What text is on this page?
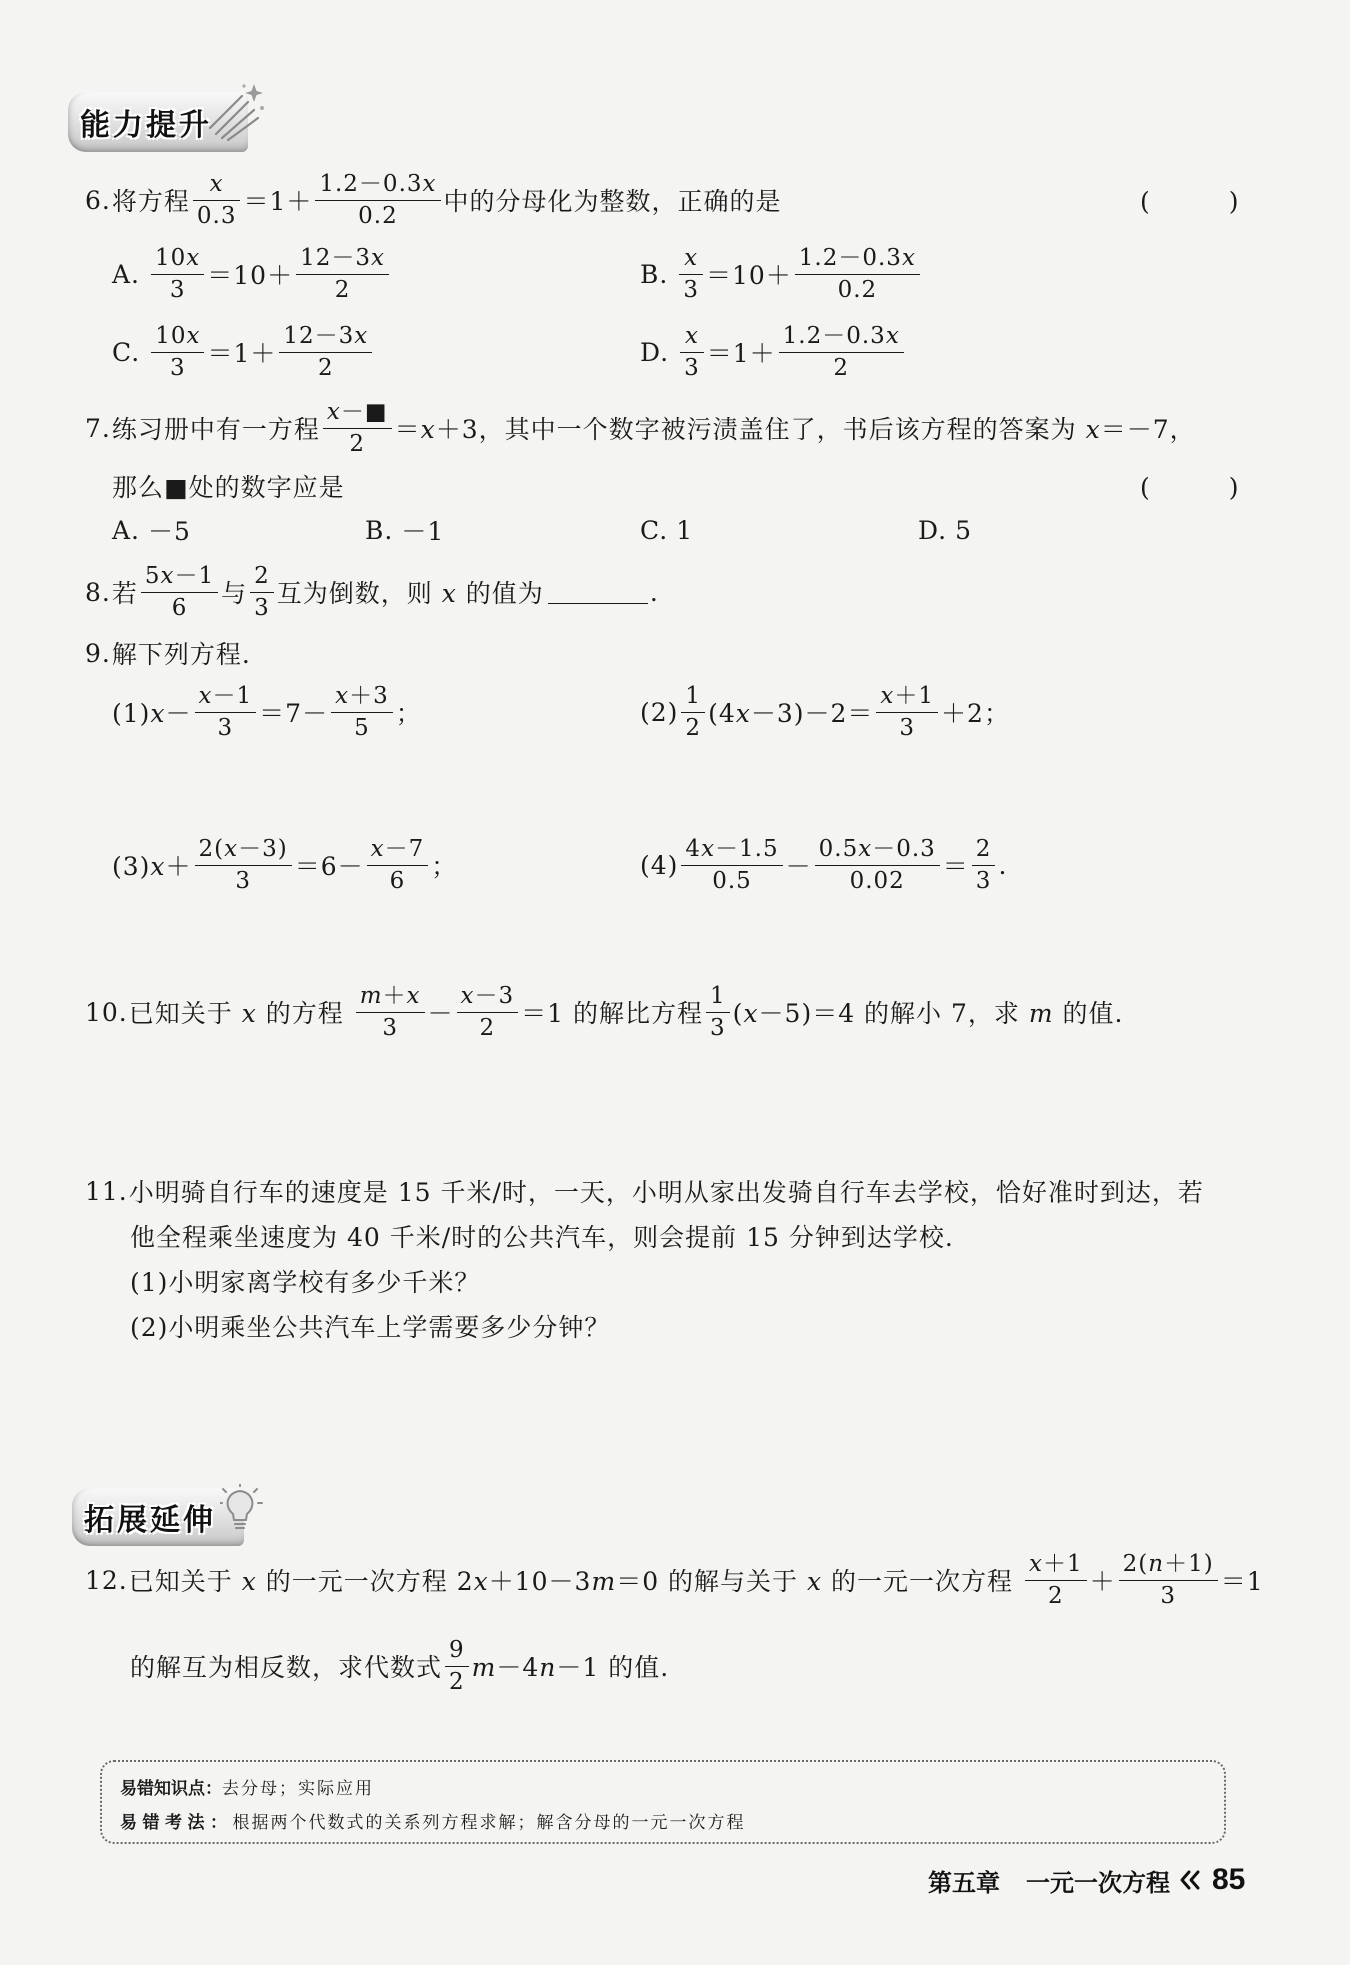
能力提升
6. 将方程 $\frac{x}{0.3} =1+ \frac{1.2-0.3x}{0.2}$ 中的分母化为整数，正确的是	(　　　)
A. $\frac{10x}{3} =10+ \frac{12-3x}{2}$	B. $\frac{x}{3} =10+ \frac{1.2-0.3x}{0.2}$
C. $\frac{10x}{3} =1+ \frac{12-3x}{2}$	D. $\frac{x}{3} =1+ \frac{1.2-0.3x}{2}$
7. 练习册中有一方程 $\frac{x-■}{2} =x+3$，其中一个数字被污渍盖住了，书后该方程的答案为 x＝－7，
那么■处的数字应是	(　　　)
A. －5	B. －1	C. 1	D. 5
8. 若 $\frac{5x-1}{6}$ 与 $\frac{2}{3}$ 互为倒数，则 x 的值为	.
9. 解下列方程.
$(1)x- \frac{x-1}{3} =7- \frac{x+3}{5}$ ；	$(2) \frac{1}{2} (4x-3)-2= \frac{x+1}{3} +2$；
$(3)x+ \frac{2(x-3)}{3} =6- \frac{x-7}{6}$ ；	$(4) \frac{4x-1.5}{0.5} - \frac{0.5x-0.3}{0.02} = \frac{2}{3}$ .
10. 已知关于 x 的方程 $\frac{m+x}{3} - \frac{x-3}{2} =1$ 的解比方程 $\frac{1}{3} (x-5)=4$ 的解小 7，求 m 的值.
11. 小明骑自行车的速度是 15 千米/时，一天，小明从家出发骑自行车去学校，恰好准时到达，若
他全程乘坐速度为 40 千米/时的公共汽车，则会提前 15 分钟到达学校.
(1)小明家离学校有多少千米？
(2)小明乘坐公共汽车上学需要多少分钟？
拓展延伸
12. 已知关于 x 的一元一次方程 2x＋10－3m＝0 的解与关于 x 的一元一次方程 $\frac{x+1}{2} + \frac{2(n+1)}{3} =1$
的解互为相反数，求代数式 $\frac{9}{2} m-4n-1$ 的值.
易错知识点： 去分母；实际应用
易错考法： 根据两个代数式的关系列方程求解；解含分母的一元一次方程
第五章 一元一次方程 85
